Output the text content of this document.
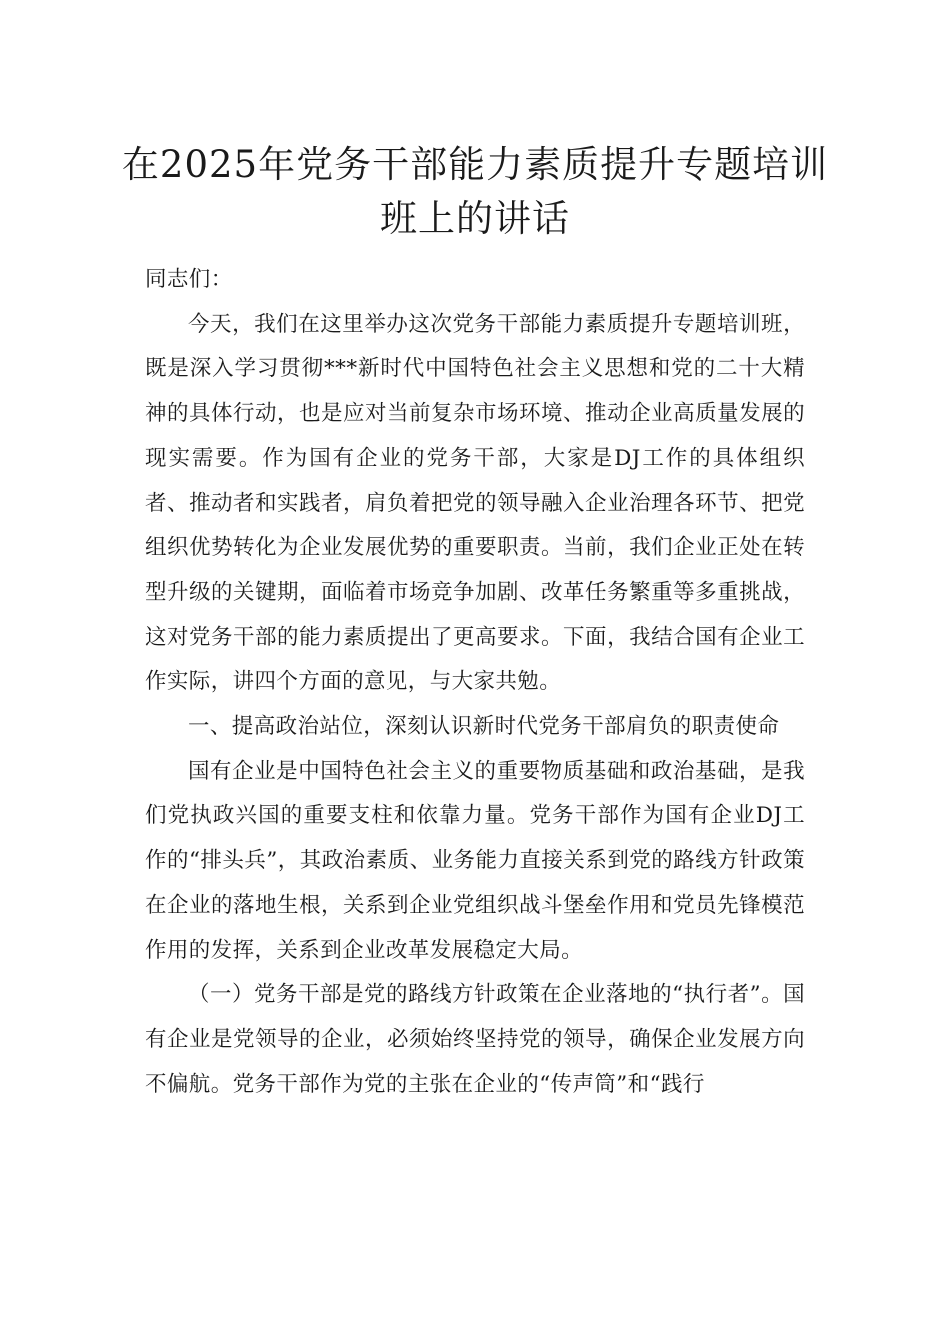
在2025年党务干部能力素质提升专题培训班上的讲话

同志们：

今天，我们在这里举办这次党务干部能力素质提升专题培训班，既是深入学习贯彻***新时代中国特色社会主义思想和党的二十大精神的具体行动，也是应对当前复杂市场环境、推动企业高质量发展的现实需要。作为国有企业的党务干部，大家是DJ工作的具体组织者、推动者和实践者，肩负着把党的领导融入企业治理各环节、把党组织优势转化为企业发展优势的重要职责。当前，我们企业正处在转型升级的关键期，面临着市场竞争加剧、改革任务繁重等多重挑战，这对党务干部的能力素质提出了更高要求。下面，我结合国有企业工作实际，讲四个方面的意见，与大家共勉。

一、提高政治站位，深刻认识新时代党务干部肩负的职责使命

国有企业是中国特色社会主义的重要物质基础和政治基础，是我们党执政兴国的重要支柱和依靠力量。党务干部作为国有企业DJ工作的“排头兵”，其政治素质、业务能力直接关系到党的路线方针政策在企业的落地生根，关系到企业党组织战斗堡垒作用和党员先锋模范作用的发挥，关系到企业改革发展稳定大局。

（一）党务干部是党的路线方针政策在企业落地的“执行者”。国有企业是党领导的企业，必须始终坚持党的领导，确保企业发展方向不偏航。党务干部作为党的主张在企业的“传声筒”和“践行
